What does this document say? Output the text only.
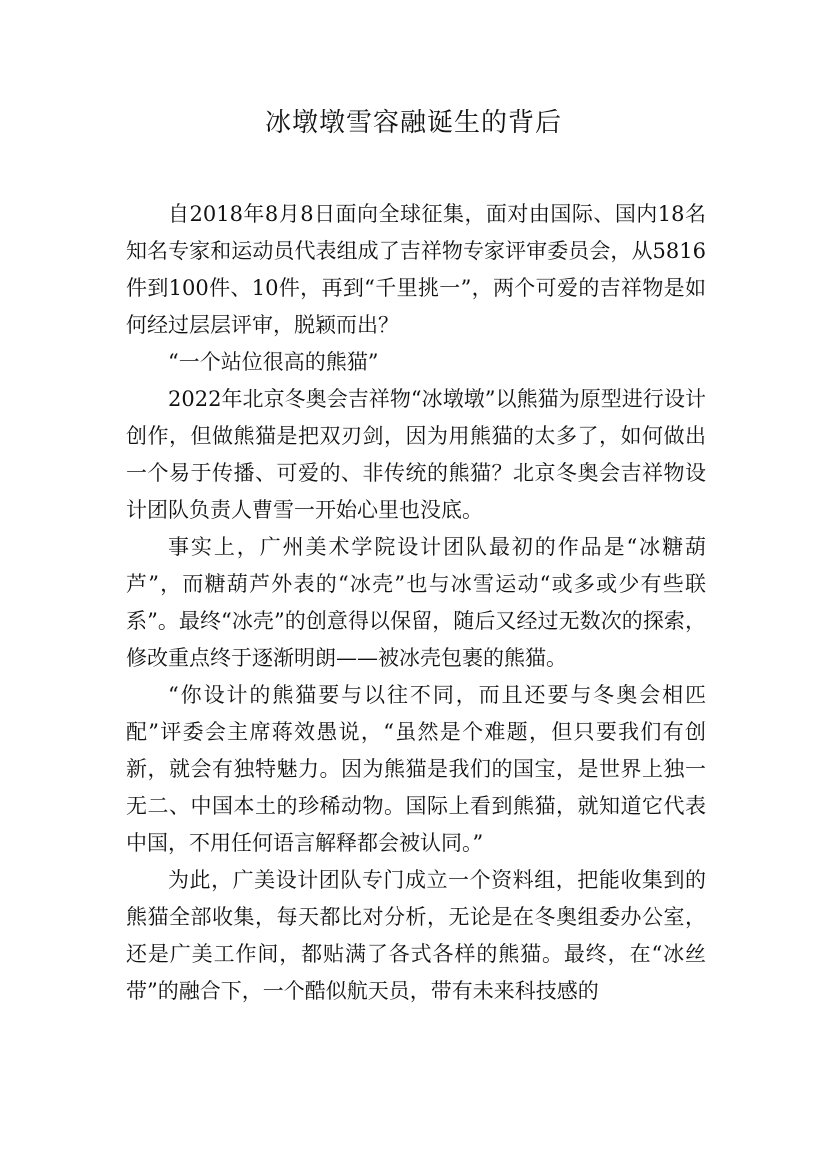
冰墩墩雪容融诞生的背后

自2018年8月8日面向全球征集，面对由国际、国内18名知名专家和运动员代表组成了吉祥物专家评审委员会，从5816件到100件、10件，再到“千里挑一”，两个可爱的吉祥物是如何经过层层评审，脱颖而出？

“一个站位很高的熊猫”

2022年北京冬奥会吉祥物“冰墩墩”以熊猫为原型进行设计创作，但做熊猫是把双刃剑，因为用熊猫的太多了，如何做出一个易于传播、可爱的、非传统的熊猫？北京冬奥会吉祥物设计团队负责人曹雪一开始心里也没底。

事实上，广州美术学院设计团队最初的作品是“冰糖葫芦”，而糖葫芦外表的“冰壳”也与冰雪运动“或多或少有些联系”。最终“冰壳”的创意得以保留，随后又经过无数次的探索，修改重点终于逐渐明朗——被冰壳包裹的熊猫。

“你设计的熊猫要与以往不同，而且还要与冬奥会相匹配”评委会主席蒋效愚说，“虽然是个难题，但只要我们有创新，就会有独特魅力。因为熊猫是我们的国宝，是世界上独一无二、中国本土的珍稀动物。国际上看到熊猫，就知道它代表中国，不用任何语言解释都会被认同。”

为此，广美设计团队专门成立一个资料组，把能收集到的熊猫全部收集，每天都比对分析，无论是在冬奥组委办公室，还是广美工作间，都贴满了各式各样的熊猫。最终，在“冰丝带”的融合下，一个酷似航天员，带有未来科技感的
